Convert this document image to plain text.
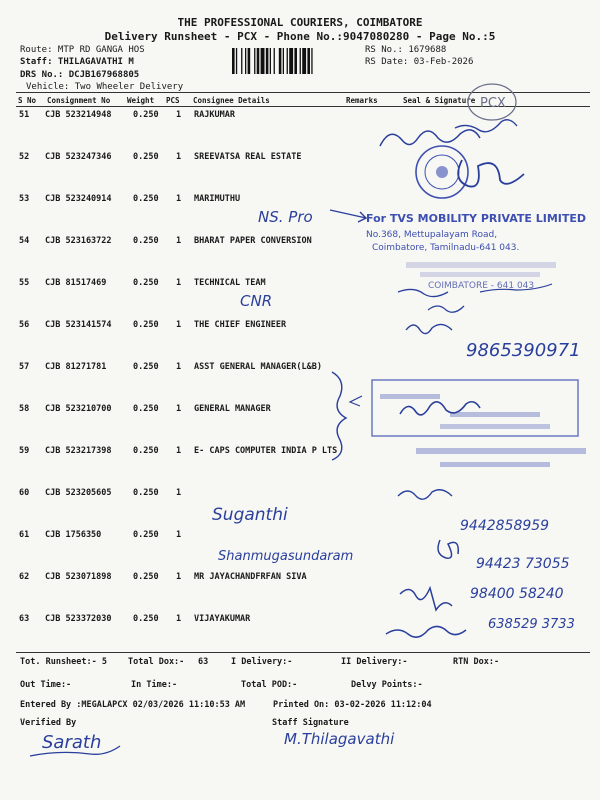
THE PROFESSIONAL COURIERS, COIMBATORE
Delivery Runsheet - PCX - Phone No.:9047080280 - Page No.:5
Route: MTP RD GANGA HOS
Staff: THILAGAVATHI M
DRS No.: DCJB167968805
Vehicle: Two Wheeler Delivery
RS No.: 1679688
RS Date: 03-Feb-2026
S No Consignment No Weight PCS Consignee Details	Remarks	Seal & Signature
51 CJB 523214948	0.250 1 RAJKUMAR
52 CJB 523247346	0.250 1 SREEVATSA REAL ESTATE
53 CJB 523240914	0.250 1 MARIMUTHU
54 CJB 523163722	0.250 1 BHARAT PAPER CONVERSION
55 CJB 81517469	0.250 1 TECHNICAL TEAM
56 CJB 523141574	0.250 1 THE CHIEF ENGINEER
57 CJB 81271781	0.250 1 ASST GENERAL MANAGER(L&B)
58 CJB 523210700	0.250 1 GENERAL MANAGER
59 CJB 523217398	0.250 1 E- CAPS COMPUTER INDIA P LTS
60 CJB 523205605	0.250 1
61 CJB 1756350	0.250 1
62 CJB 523071898	0.250 1 MR JAYACHANDFRFAN SIVA
63 CJB 523372030	0.250 1 VIJAYAKUMAR
Tot. Runsheet:- 5 Total Dox:- 63	I Delivery:-	II Delivery:-	RTN Dox:-
Out Time:-	In Time:-	Total POD:-	Delvy Points:-
Entered By :MEGALAPCX 02/03/2026 11:10:53 AM	Printed On: 03-02-2026 11:12:04
Verified By	Staff Signature
PCX
NS. Pro	For TVS MOBILITY PRIVATE LIMITED
No.368, Mettupalayam Road,
Coimbatore, Tamilnadu-641 043.
COIMBATORE - 641 043
CNR
9865390971
Suganthi
9442858959
Shanmugasundaram	94423 73055
98400 58240
638529 3733
Sarath	M.Thilagavathi
